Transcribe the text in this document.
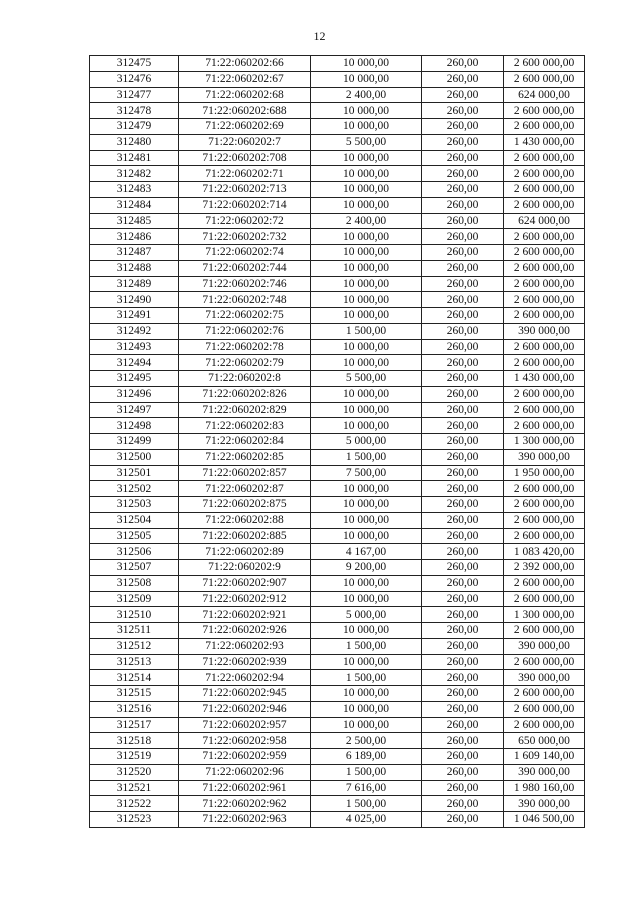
12
312475	71:22:060202:66	10 000,00	260,00	2 600 000,00
312476	71:22:060202:67	10 000,00	260,00	2 600 000,00
312477	71:22:060202:68	2 400,00	260,00	624 000,00
312478	71:22:060202:688	10 000,00	260,00	2 600 000,00
312479	71:22:060202:69	10 000,00	260,00	2 600 000,00
312480	71:22:060202:7	5 500,00	260,00	1 430 000,00
312481	71:22:060202:708	10 000,00	260,00	2 600 000,00
312482	71:22:060202:71	10 000,00	260,00	2 600 000,00
312483	71:22:060202:713	10 000,00	260,00	2 600 000,00
312484	71:22:060202:714	10 000,00	260,00	2 600 000,00
312485	71:22:060202:72	2 400,00	260,00	624 000,00
312486	71:22:060202:732	10 000,00	260,00	2 600 000,00
312487	71:22:060202:74	10 000,00	260,00	2 600 000,00
312488	71:22:060202:744	10 000,00	260,00	2 600 000,00
312489	71:22:060202:746	10 000,00	260,00	2 600 000,00
312490	71:22:060202:748	10 000,00	260,00	2 600 000,00
312491	71:22:060202:75	10 000,00	260,00	2 600 000,00
312492	71:22:060202:76	1 500,00	260,00	390 000,00
312493	71:22:060202:78	10 000,00	260,00	2 600 000,00
312494	71:22:060202:79	10 000,00	260,00	2 600 000,00
312495	71:22:060202:8	5 500,00	260,00	1 430 000,00
312496	71:22:060202:826	10 000,00	260,00	2 600 000,00
312497	71:22:060202:829	10 000,00	260,00	2 600 000,00
312498	71:22:060202:83	10 000,00	260,00	2 600 000,00
312499	71:22:060202:84	5 000,00	260,00	1 300 000,00
312500	71:22:060202:85	1 500,00	260,00	390 000,00
312501	71:22:060202:857	7 500,00	260,00	1 950 000,00
312502	71:22:060202:87	10 000,00	260,00	2 600 000,00
312503	71:22:060202:875	10 000,00	260,00	2 600 000,00
312504	71:22:060202:88	10 000,00	260,00	2 600 000,00
312505	71:22:060202:885	10 000,00	260,00	2 600 000,00
312506	71:22:060202:89	4 167,00	260,00	1 083 420,00
312507	71:22:060202:9	9 200,00	260,00	2 392 000,00
312508	71:22:060202:907	10 000,00	260,00	2 600 000,00
312509	71:22:060202:912	10 000,00	260,00	2 600 000,00
312510	71:22:060202:921	5 000,00	260,00	1 300 000,00
312511	71:22:060202:926	10 000,00	260,00	2 600 000,00
312512	71:22:060202:93	1 500,00	260,00	390 000,00
312513	71:22:060202:939	10 000,00	260,00	2 600 000,00
312514	71:22:060202:94	1 500,00	260,00	390 000,00
312515	71:22:060202:945	10 000,00	260,00	2 600 000,00
312516	71:22:060202:946	10 000,00	260,00	2 600 000,00
312517	71:22:060202:957	10 000,00	260,00	2 600 000,00
312518	71:22:060202:958	2 500,00	260,00	650 000,00
312519	71:22:060202:959	6 189,00	260,00	1 609 140,00
312520	71:22:060202:96	1 500,00	260,00	390 000,00
312521	71:22:060202:961	7 616,00	260,00	1 980 160,00
312522	71:22:060202:962	1 500,00	260,00	390 000,00
312523	71:22:060202:963	4 025,00	260,00	1 046 500,00
